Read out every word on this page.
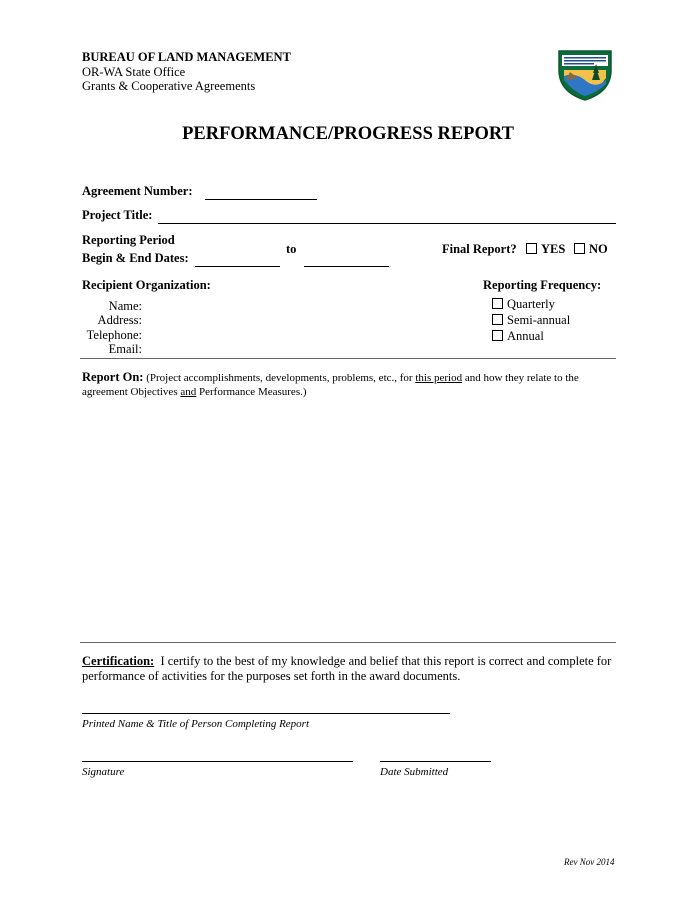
BUREAU OF LAND MANAGEMENT
OR-WA State Office
Grants & Cooperative Agreements
PERFORMANCE/PROGRESS REPORT
Agreement Number:
Project Title:
Reporting Period
Begin & End Dates:
to	Final Report?	YES	NO
Recipient Organization:
Name:
Address:
Telephone:
Email:
Reporting Frequency:
Quarterly
Semi-annual
Annual
Report On: (Project accomplishments, developments, problems, etc., for this period and how they relate to the agreement Objectives and Performance Measures.)
Certification: I certify to the best of my knowledge and belief that this report is correct and complete for performance of activities for the purposes set forth in the award documents.
Printed Name & Title of Person Completing Report
Signature	Date Submitted
Rev Nov 2014
